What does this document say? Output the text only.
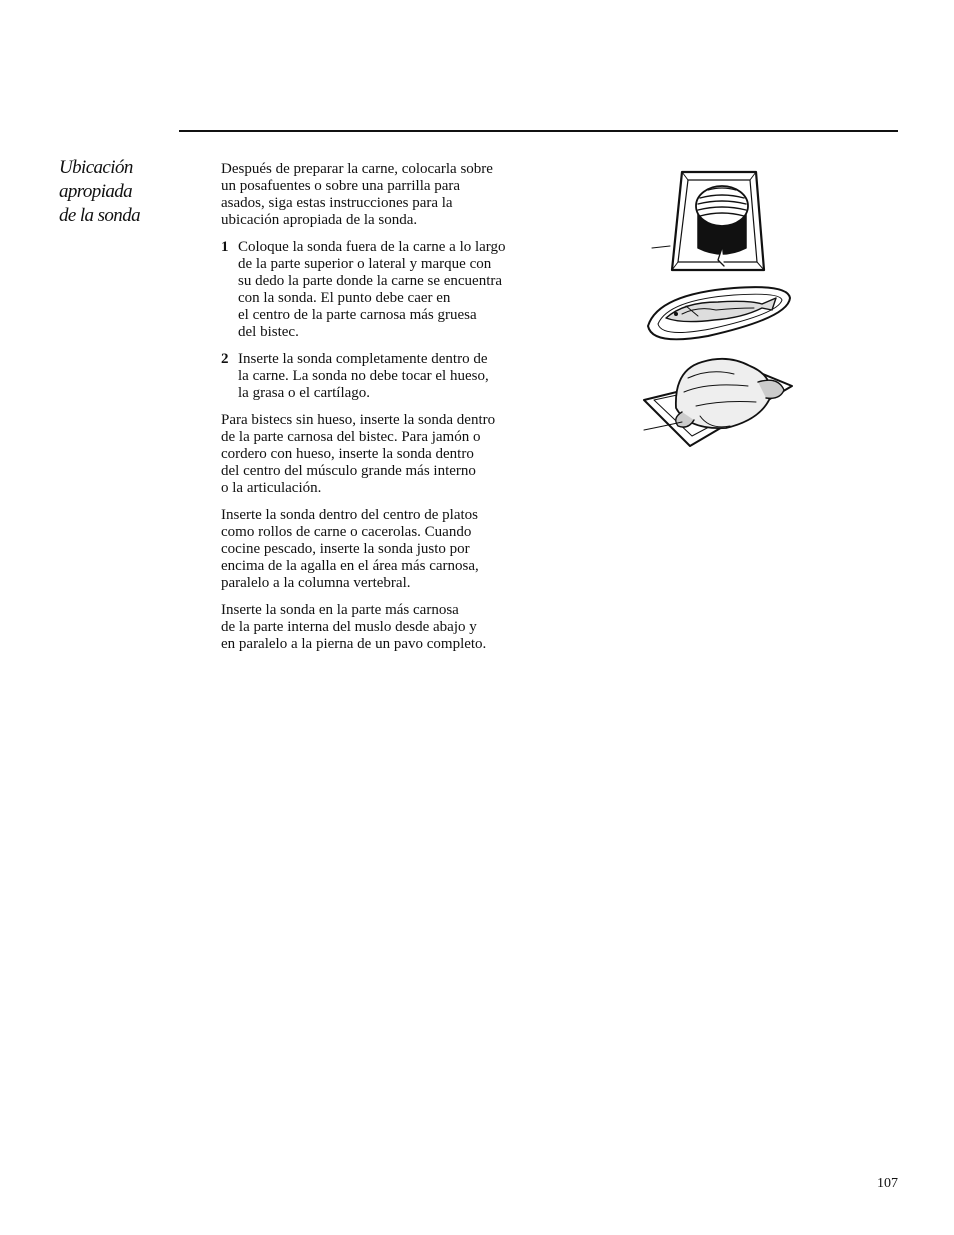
Ubicación
apropiada
de la sonda

Después de preparar la carne, colocarla sobre
un posafuentes o sobre una parrilla para
asados, siga estas instrucciones para la
ubicación apropiada de la sonda.

1 Coloque la sonda fuera de la carne a lo largo
de la parte superior o lateral y marque con
su dedo la parte donde la carne se encuentra
con la sonda. El punto debe caer en
el centro de la parte carnosa más gruesa
del bistec.
2 Inserte la sonda completamente dentro de
la carne. La sonda no debe tocar el hueso,
la grasa o el cartílago.

Para bistecs sin hueso, inserte la sonda dentro
de la parte carnosa del bistec. Para jamón o
cordero con hueso, inserte la sonda dentro
del centro del músculo grande más interno
o la articulación.

Inserte la sonda dentro del centro de platos
como rollos de carne o cacerolas. Cuando
cocine pescado, inserte la sonda justo por
encima de la agalla en el área más carnosa,
paralelo a la columna vertebral.

Inserte la sonda en la parte más carnosa
de la parte interna del muslo desde abajo y
en paralelo a la pierna de un pavo completo.

107
